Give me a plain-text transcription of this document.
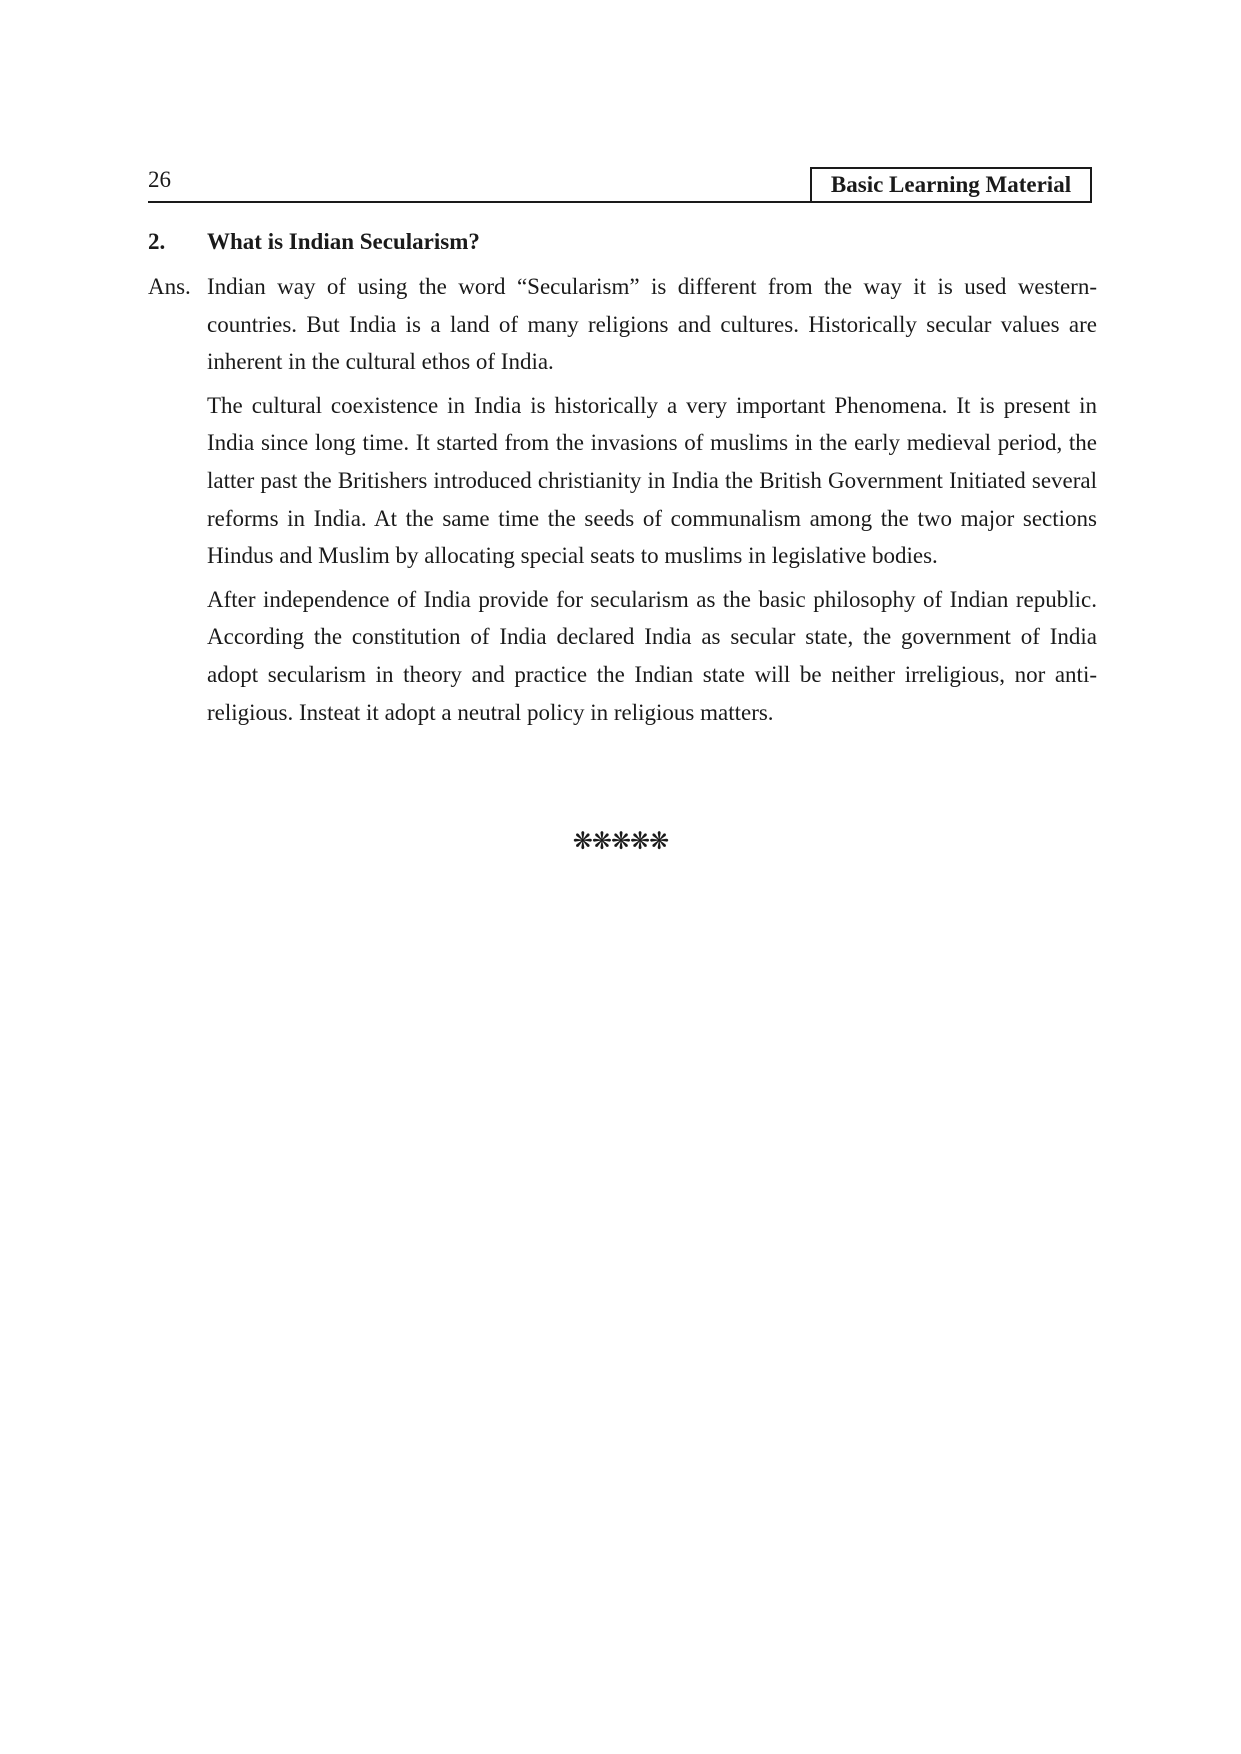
26	Basic Learning Material
2. What is Indian Secularism?
Ans. Indian way of using the word “Secularism” is different from the way it is used western-countries. But India is a land of many religions and cultures. Historically secular values are inherent in the cultural ethos of India.

The cultural coexistence in India is historically a very important Phenomena. It is present in India since long time. It started from the invasions of muslims in the early medieval period, the latter past the Britishers introduced christianity in India the British Government Initiated several reforms in India. At the same time the seeds of communalism among the two major sections Hindus and Muslim by allocating special seats to muslims in legislative bodies.

After independence of India provide for secularism as the basic philosophy of Indian republic. According the constitution of India declared India as secular state, the government of India adopt secularism in theory and practice the Indian state will be neither irreligious, nor anti-religious. Insteat it adopt a neutral policy in religious matters.

❋❋❋❋❋
